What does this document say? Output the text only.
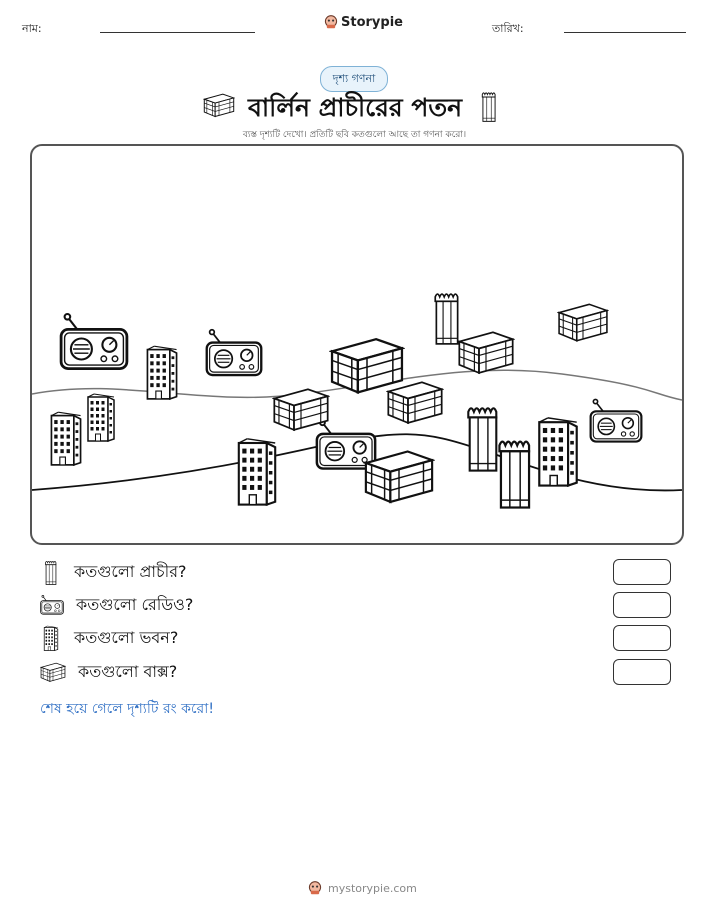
নাম:	Storypie	তারিখ:
দৃশ্য গণনা
বার্লিন প্রাচীরের পতন
ব্যস্ত দৃশ্যটি দেখো। প্রতিটি ছবি কতগুলো আছে তা গণনা করো।
কতগুলো প্রাচীর?
কতগুলো রেডিও?
কতগুলো ভবন?
কতগুলো বাক্স?
শেষ হয়ে গেলে দৃশ্যটি রং করো!
mystorypie.com
